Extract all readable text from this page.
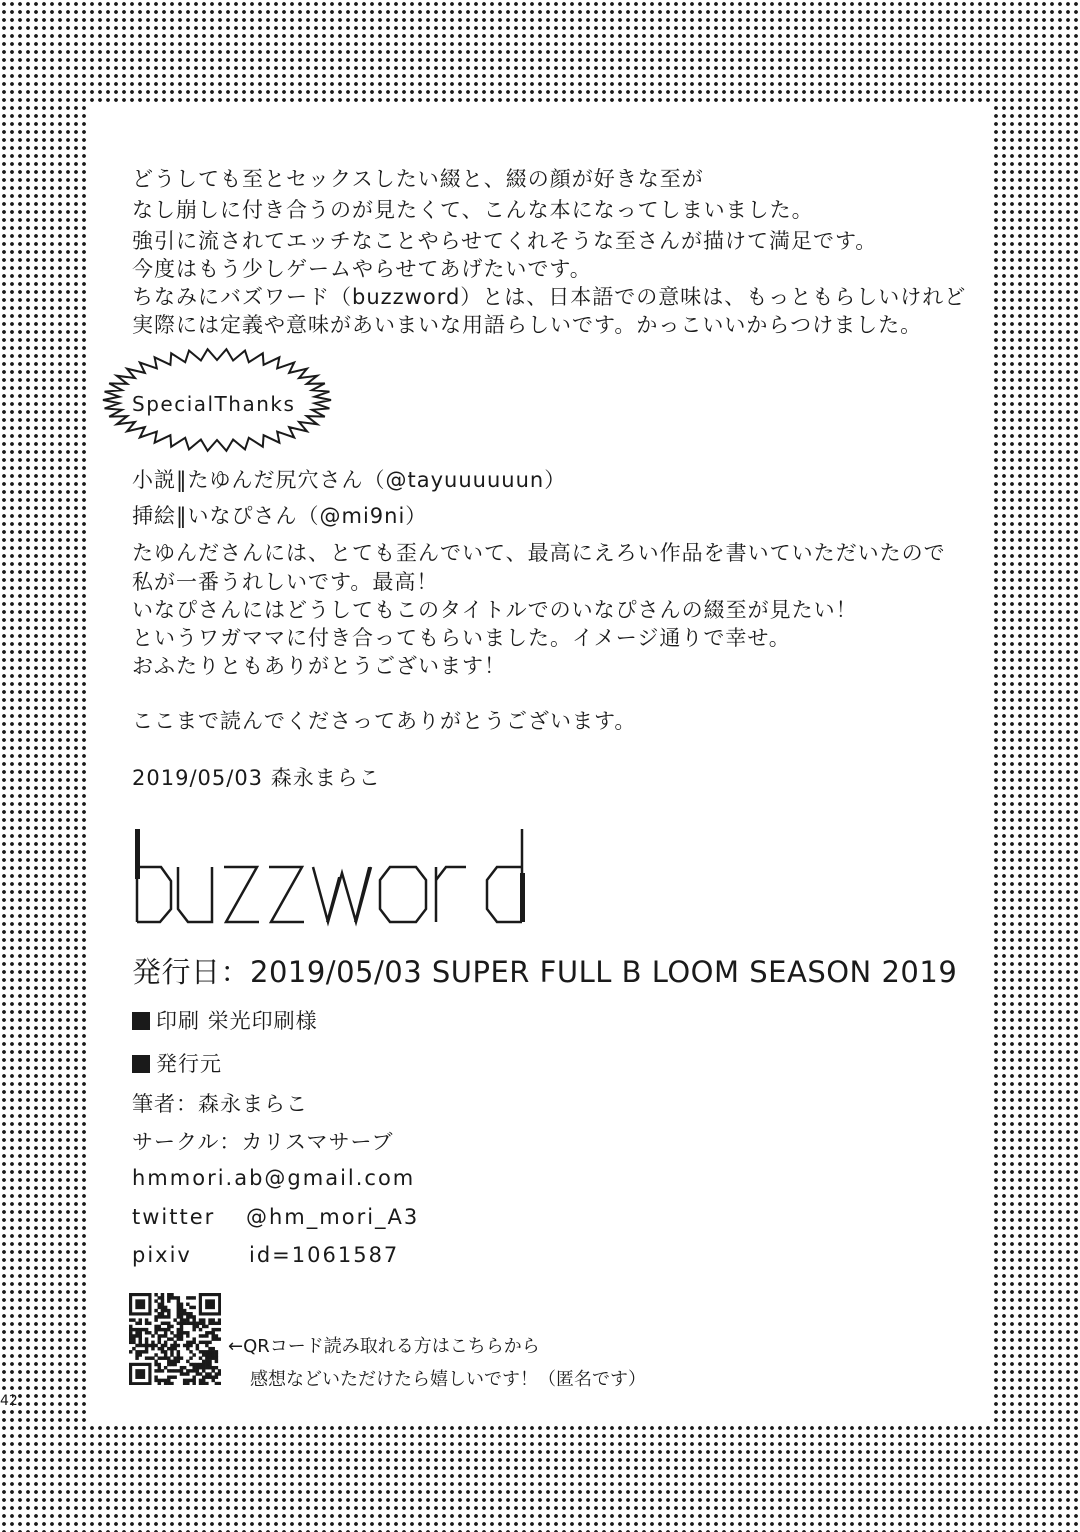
どうしても至とセックスしたい綴と、綴の顔が好きな至が
なし崩しに付き合うのが見たくて、こんな本になってしまいました。
強引に流されてエッチなことやらせてくれそうな至さんが描けて満足です。
今度はもう少しゲームやらせてあげたいです。
ちなみにバズワード（buzzword）とは、日本語での意味は、もっともらしいけれど
実際には定義や意味があいまいな用語らしいです。かっこいいからつけました。
SpecialThanks
小説‖たゆんだ尻穴さん（@tayuuuuuun）
挿絵‖いなぴさん（@mi9ni）
たゆんださんには、とても歪んでいて、最高にえろい作品を書いていただいたので
私が一番うれしいです。最高！
いなぴさんにはどうしてもこのタイトルでのいなぴさんの綴至が見たい！
というワガママに付き合ってもらいました。イメージ通りで幸せ。
おふたりともありがとうございます！
ここまで読んでくださってありがとうございます。
2019/05/03 森永まらこ
発行日：2019/05/03 SUPER FULL B LOOM SEASON 2019
印刷 栄光印刷様
発行元
筆者：森永まらこ
サークル：カリスマサーブ
hmmori.ab@gmail.com
twitter @hm_mori_A3
pixiv	id=1061587
←QRコード読み取れる方はこちらから
感想などいただけたら嬉しいです！（匿名です）
42
